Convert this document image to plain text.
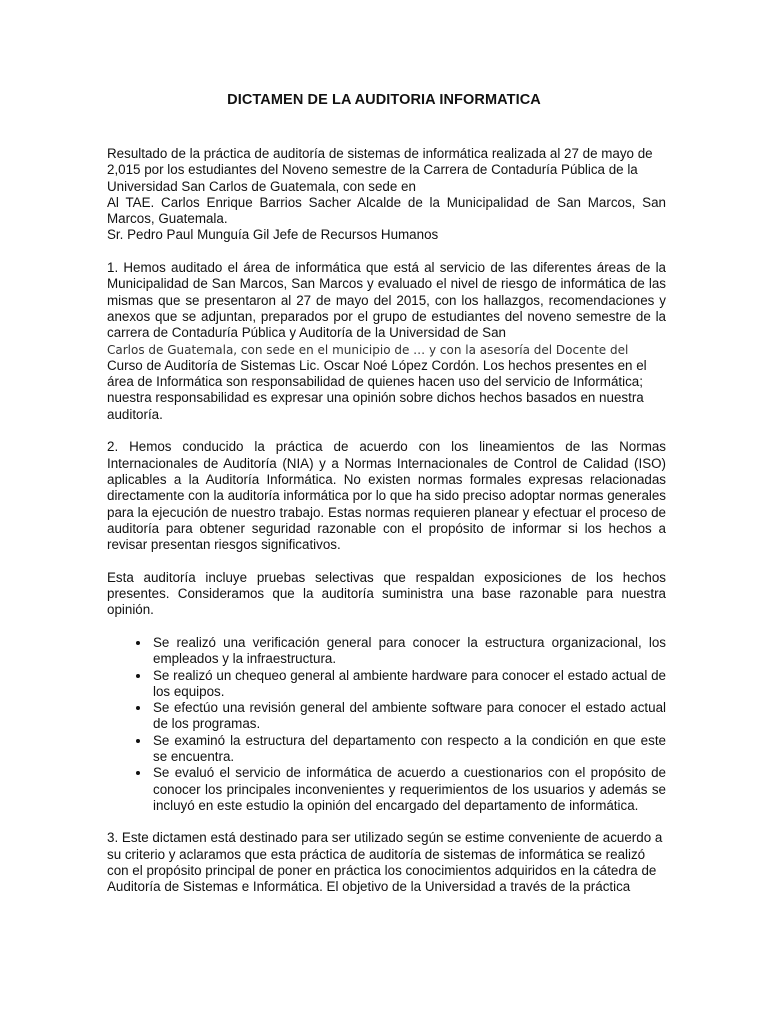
DICTAMEN DE LA AUDITORIA INFORMATICA

Resultado de la práctica de auditoría de sistemas de informática realizada al 27 de mayo de 2,015 por los estudiantes del Noveno semestre de la Carrera de Contaduría Pública de la Universidad San Carlos de Guatemala, con sede en
Al TAE. Carlos Enrique Barrios Sacher Alcalde de la Municipalidad de San Marcos, San Marcos, Guatemala.
Sr. Pedro Paul Munguía Gil Jefe de Recursos Humanos

1. Hemos auditado el área de informática que está al servicio de las diferentes áreas de la Municipalidad de San Marcos, San Marcos y evaluado el nivel de riesgo de informática de las mismas que se presentaron al 27 de mayo del 2015, con los hallazgos, recomendaciones y anexos que se adjuntan, preparados por el grupo de estudiantes del noveno semestre de la carrera de Contaduría Pública y Auditoría de la Universidad de San
Carlos de Guatemala, con sede en el municipio de … y con la asesoría del Docente del
Curso de Auditoría de Sistemas Lic. Oscar Noé López Cordón. Los hechos presentes en el área de Informática son responsabilidad de quienes hacen uso del servicio de Informática; nuestra responsabilidad es expresar una opinión sobre dichos hechos basados en nuestra auditoría.

2. Hemos conducido la práctica de acuerdo con los lineamientos de las Normas Internacionales de Auditoría (NIA) y a Normas Internacionales de Control de Calidad (ISO) aplicables a la Auditoría Informática. No existen normas formales expresas relacionadas directamente con la auditoría informática por lo que ha sido preciso adoptar normas generales para la ejecución de nuestro trabajo. Estas normas requieren planear y efectuar el proceso de auditoría para obtener seguridad razonable con el propósito de informar si los hechos a revisar presentan riesgos significativos.

Esta auditoría incluye pruebas selectivas que respaldan exposiciones de los hechos presentes. Consideramos que la auditoría suministra una base razonable para nuestra opinión.

• Se realizó una verificación general para conocer la estructura organizacional, los empleados y la infraestructura.
• Se realizó un chequeo general al ambiente hardware para conocer el estado actual de los equipos.
• Se efectúo una revisión general del ambiente software para conocer el estado actual de los programas.
• Se examinó la estructura del departamento con respecto a la condición en que este se encuentra.
• Se evaluó el servicio de informática de acuerdo a cuestionarios con el propósito de conocer los principales inconvenientes y requerimientos de los usuarios y además se incluyó en este estudio la opinión del encargado del departamento de informática.

3. Este dictamen está destinado para ser utilizado según se estime conveniente de acuerdo a su criterio y aclaramos que esta práctica de auditoría de sistemas de informática se realizó con el propósito principal de poner en práctica los conocimientos adquiridos en la cátedra de Auditoría de Sistemas e Informática. El objetivo de la Universidad a través de la práctica
